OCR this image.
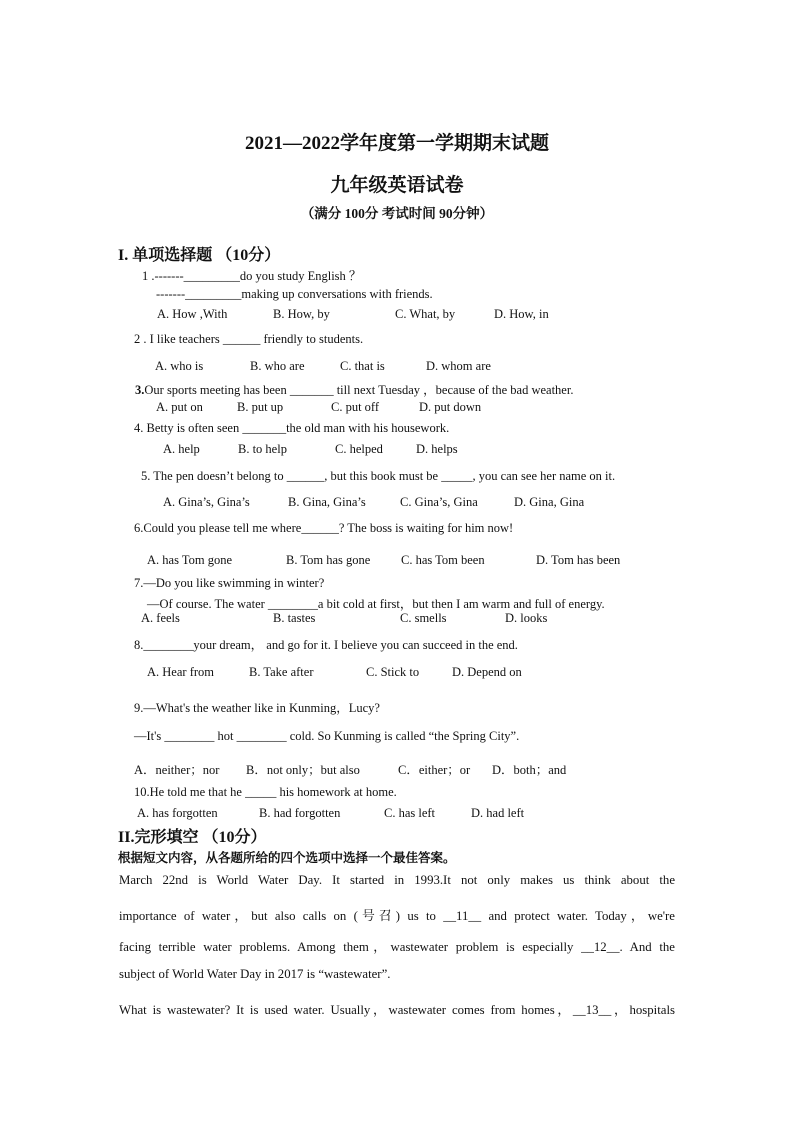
2021—2022学年度第一学期期末试题
九年级英语试卷
（满分 100分 考试时间 90分钟）
I. 单项选择题 （10分）
1 .-------_________do you study English ？
-------_________making up conversations with friends.
A. How ,With	B. How, by	C. What, by	D. How, in
2 . I like teachers ______ friendly to students.
A. who is	B. who are	C. that is	D. whom are
3.Our sports meeting has been _______ till next Tuesday ，because of the bad weather.
A. put on	B. put up	C. put off	D. put down
4. Betty is often seen _______the old man with his housework.
A. help	B. to help	C. helped	D. helps
5. The pen doesn’t belong to ______, but this book must be _____, you can see her name on it.
A. Gina’s, Gina’s	B. Gina, Gina’s	C. Gina’s, Gina	D. Gina, Gina
6.Could you please tell me where______? The boss is waiting for him now!
A. has Tom gone	B. Tom has gone C. has Tom been	D. Tom has been
7.—Do you like swimming in winter?
—Of course. The water ________a bit cold at first，but then I am warm and full of energy.
A. feels	B. tastes	C. smells	D. looks
8.________your dream， and go for it. I believe you can succeed in the end.
A. Hear from	B. Take after	C. Stick to	D. Depend on
9.—What's the weather like in Kunming，Lucy?
—It's ________ hot ________ cold. So Kunming is called “the Spring City”.
A．neither；nor B．not only；but also	C．either；or D．both；and
10.He told me that he _____ his homework at home.
A. has forgotten	B. had forgotten	C. has left	D. had left
II.完形填空 （10分）
根据短文内容，从各题所给的四个选项中选择一个最佳答案。
March 22nd is World Water Day. It started in 1993.It not only makes us think about the
importance of water，but also calls on (号召) us to __11__ and protect water. Today，we're
facing terrible water problems. Among them，wastewater problem is especially __12__. And the
subject of World Water Day in 2017 is “wastewater”.
What is wastewater? It is used water. Usually，wastewater comes from homes，__13__，hospitals
